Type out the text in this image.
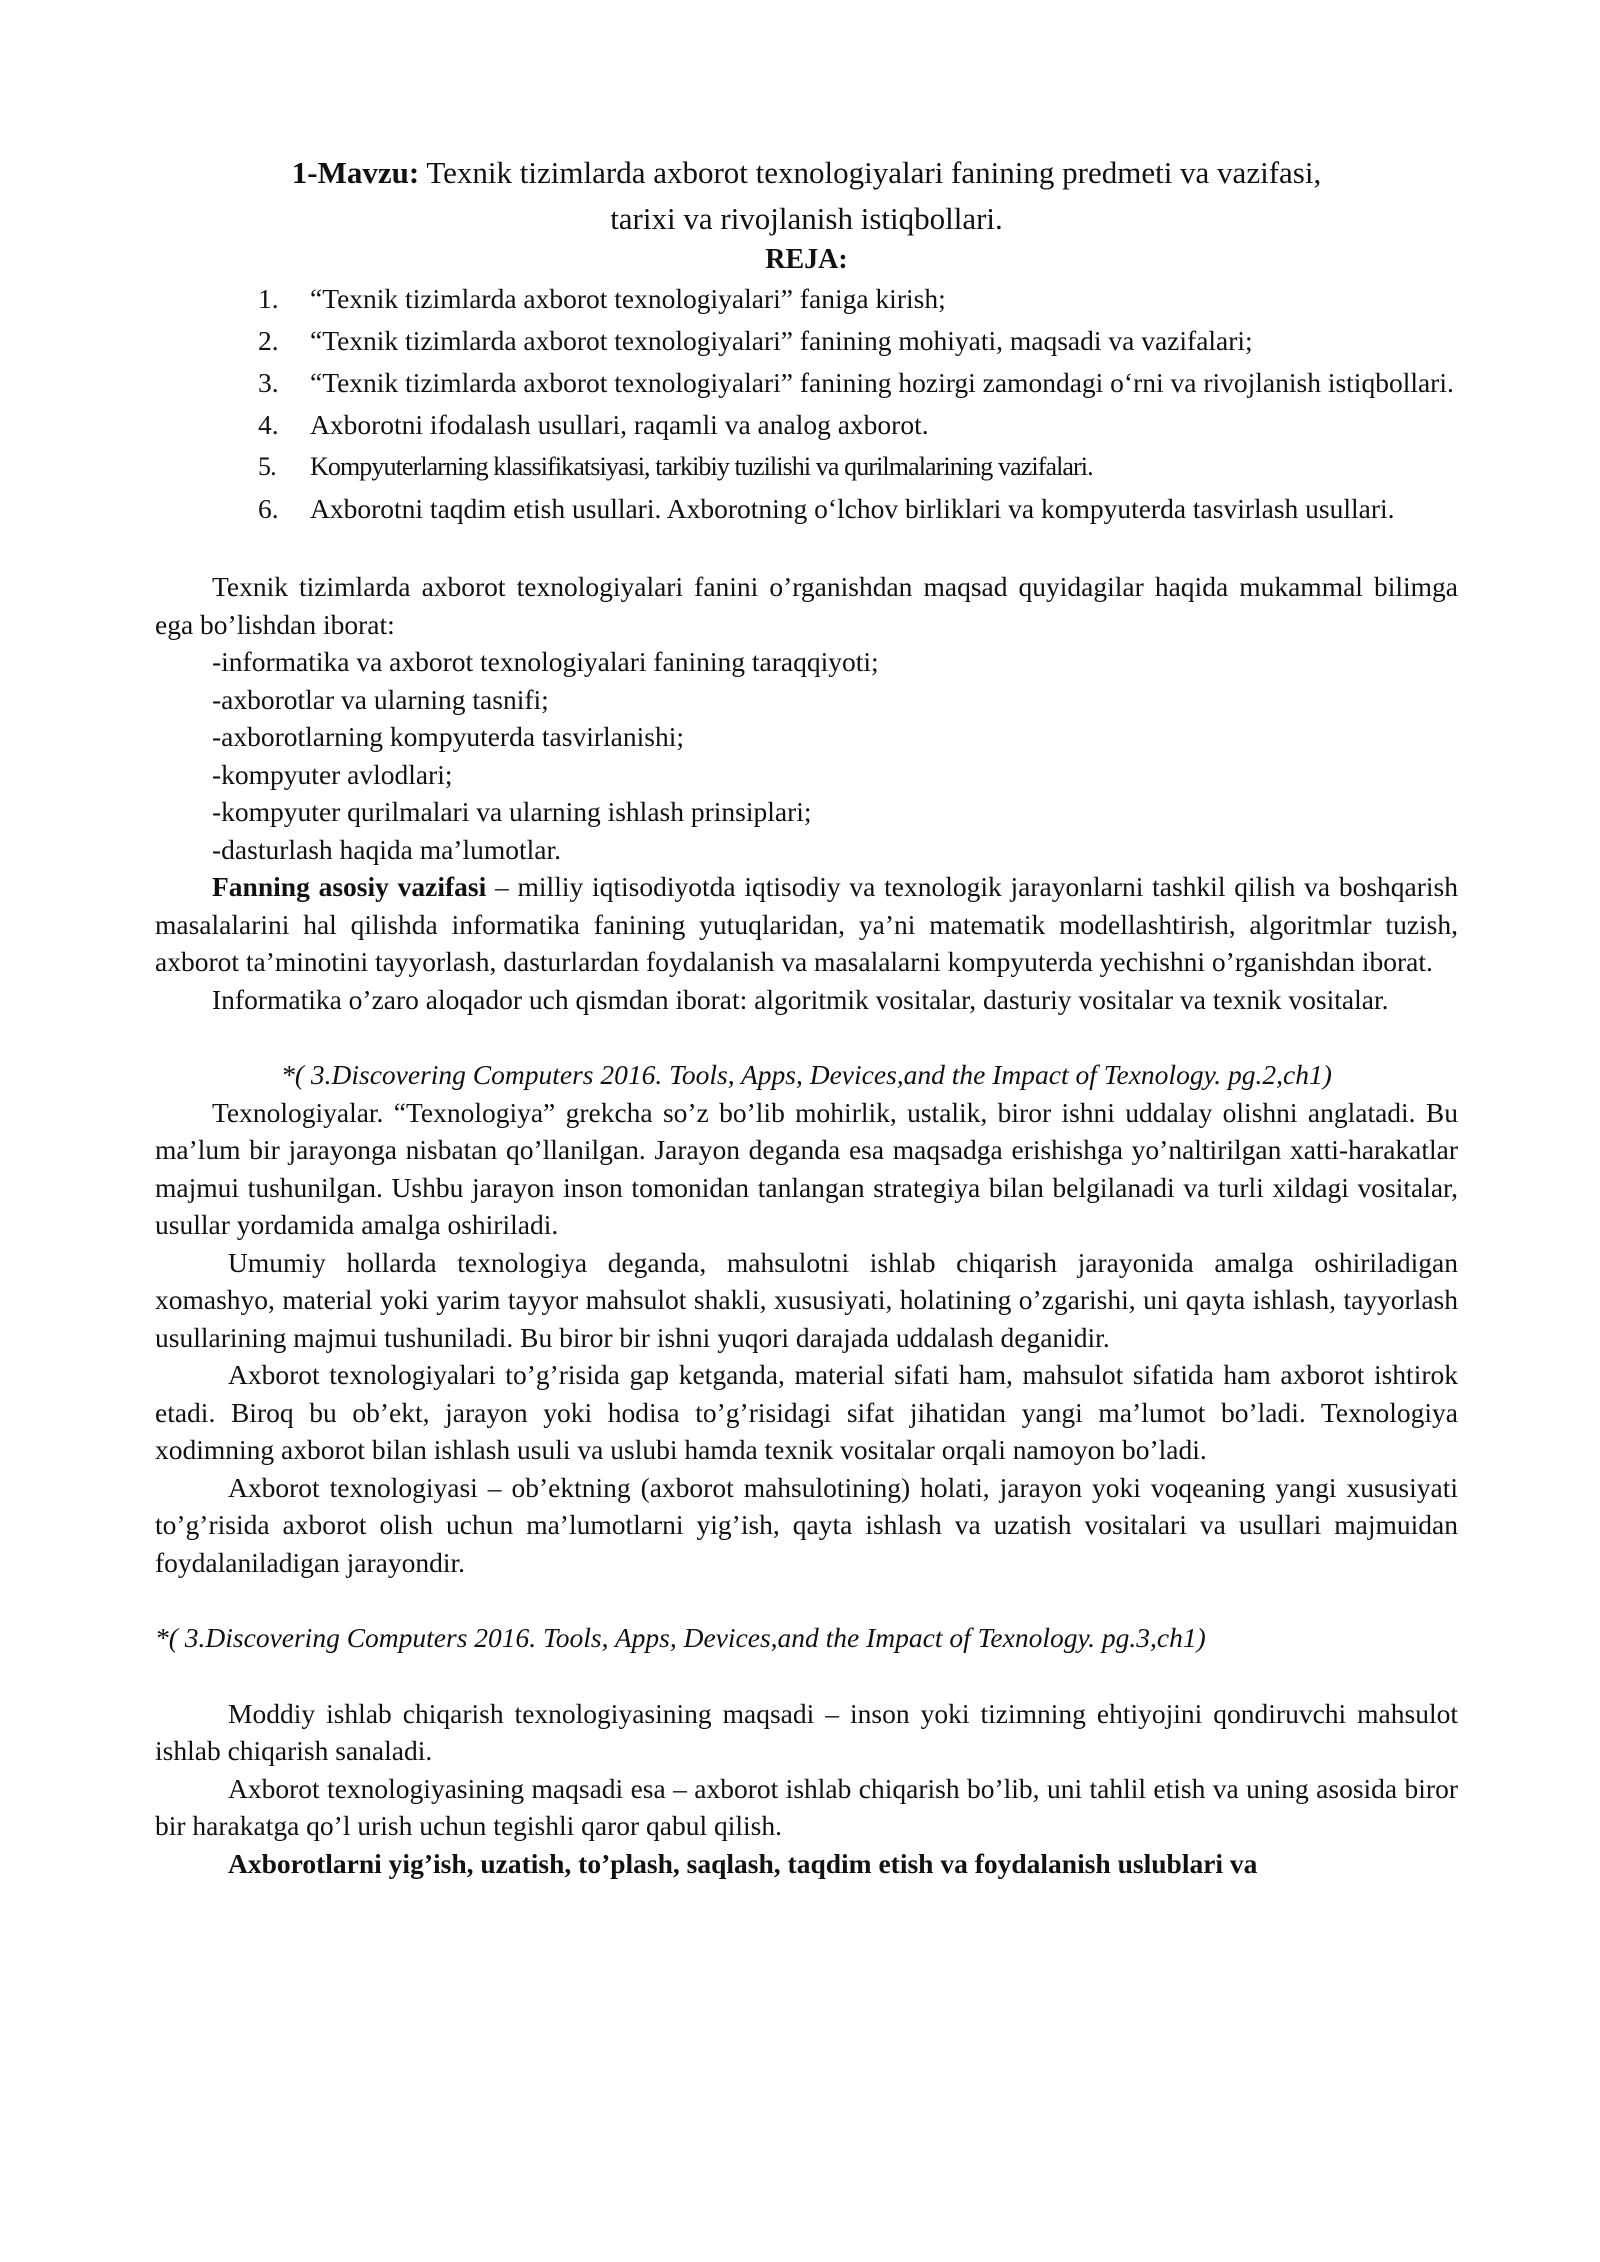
1-Mavzu: Texnik tizimlarda axborot texnologiyalari fanining predmeti va vazifasi,
tarixi va rivojlanish istiqbollari.
REJA:
1. “Texnik tizimlarda axborot texnologiyalari” faniga kirish;
2. “Texnik tizimlarda axborot texnologiyalari” fanining mohiyati, maqsadi va vazifalari;
3. “Texnik tizimlarda axborot texnologiyalari” fanining hozirgi zamondagi o‘rni va rivojlanish istiqbollari.
4. Axborotni ifodalash usullari, raqamli va analog axborot.
5. Kompyuterlarning klassifikatsiyasi, tarkibiy tuzilishi va qurilmalarining vazifalari.
6. Axborotni taqdim etish usullari. Axborotning o‘lchov birliklari va kompyuterda tasvirlash usullari.

Texnik tizimlarda axborot texnologiyalari fanini o’rganishdan maqsad quyidagilar haqida mukammal bilimga ega bo’lishdan iborat:

-informatika va axborot texnologiyalari fanining taraqqiyoti;
-axborotlar va ularning tasnifi;
-axborotlarning kompyuterda tasvirlanishi;
-kompyuter avlodlari;
-kompyuter qurilmalari va ularning ishlash prinsiplari;
-dasturlash haqida ma’lumotlar.

Fanning asosiy vazifasi – milliy iqtisodiyotda iqtisodiy va texnologik jarayonlarni tashkil qilish va boshqarish masalalarini hal qilishda informatika fanining yutuqlaridan, ya’ni matematik modellashtirish, algoritmlar tuzish, axborot ta’minotini tayyorlash, dasturlardan foydalanish va masalalarni kompyuterda yechishni o’rganishdan iborat.

Informatika o’zaro aloqador uch qismdan iborat: algoritmik vositalar, dasturiy vositalar va texnik vositalar.

*( 3.Discovering Computers 2016. Tools, Apps, Devices,and the Impact of Texnology. pg.2,ch1)

Texnologiyalar. “Texnologiya” grekcha so’z bo’lib mohirlik, ustalik, biror ishni uddalay olishni anglatadi. Bu ma’lum bir jarayonga nisbatan qo’llanilgan. Jarayon deganda esa maqsadga erishishga yo’naltirilgan xatti-harakatlar majmui tushunilgan. Ushbu jarayon inson tomonidan tanlangan strategiya bilan belgilanadi va turli xildagi vositalar, usullar yordamida amalga oshiriladi.

Umumiy hollarda texnologiya deganda, mahsulotni ishlab chiqarish jarayonida amalga oshiriladigan xomashyo, material yoki yarim tayyor mahsulot shakli, xususiyati, holatining o’zgarishi, uni qayta ishlash, tayyorlash usullarining majmui tushuniladi. Bu biror bir ishni yuqori darajada uddalash deganidir.

Axborot texnologiyalari to’g’risida gap ketganda, material sifati ham, mahsulot sifatida ham axborot ishtirok etadi. Biroq bu ob’ekt, jarayon yoki hodisa to’g’risidagi sifat jihatidan yangi ma’lumot bo’ladi. Texnologiya xodimning axborot bilan ishlash usuli va uslubi hamda texnik vositalar orqali namoyon bo’ladi.

Axborot texnologiyasi – ob’ektning (axborot mahsulotining) holati, jarayon yoki voqeaning yangi xususiyati to’g’risida axborot olish uchun ma’lumotlarni yig’ish, qayta ishlash va uzatish vositalari va usullari majmuidan foydalaniladigan jarayondir.

*( 3.Discovering Computers 2016. Tools, Apps, Devices,and the Impact of Texnology. pg.3,ch1)

Moddiy ishlab chiqarish texnologiyasining maqsadi – inson yoki tizimning ehtiyojini qondiruvchi mahsulot ishlab chiqarish sanaladi.

Axborot texnologiyasining maqsadi esa – axborot ishlab chiqarish bo’lib, uni tahlil etish va uning asosida biror bir harakatga qo’l urish uchun tegishli qaror qabul qilish.

Axborotlarni yig’ish, uzatish, to’plash, saqlash, taqdim etish va foydalanish uslublari va
